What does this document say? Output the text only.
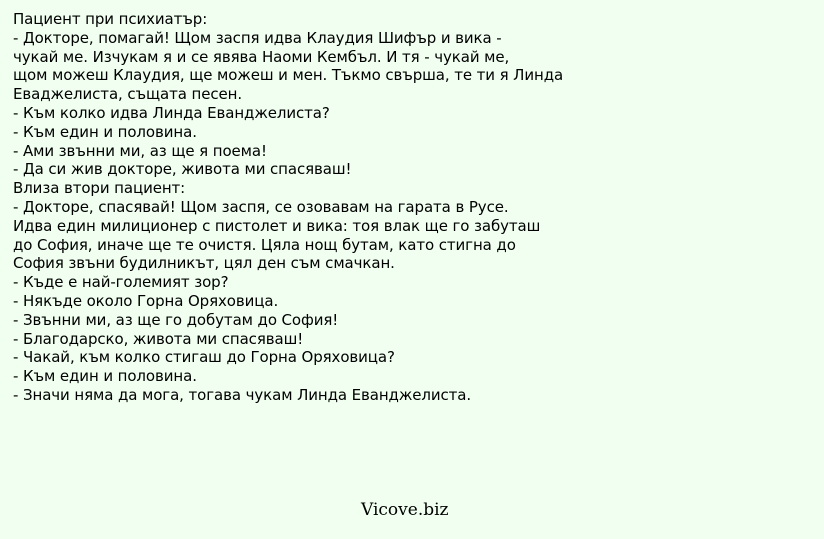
Пациент при психиатър:
- Докторе, помагай! Щом заспя идва Клаудия Шифър и вика -
чукай ме. Изчукам я и се явява Наоми Кембъл. И тя - чукай ме,
щом можеш Клаудия, ще можеш и мен. Тъкмо свърша, те ти я Линда
Еваджелиста, същата песен.
- Към колко идва Линда Еванджелиста?
- Към един и половина.
- Ами звънни ми, аз ще я поема!
- Да си жив докторе, живота ми спасяваш!
Влиза втори пациент:
- Докторе, спасявай! Щом заспя, се озовавам на гарата в Русе.
Идва един милиционер с пистолет и вика: тоя влак ще го забуташ
до София, иначе ще те очистя. Цяла нощ бутам, като стигна до
София звъни будилникът, цял ден съм смачкан.
- Къде е най-големият зор?
- Някъде около Горна Оряховица.
- Звънни ми, аз ще го добутам до София!
- Благодарско, живота ми спасяваш!
- Чакай, към колко стигаш до Горна Оряховица?
- Към един и половина.
- Значи няма да мога, тогава чукам Линда Еванджелиста.
Vicove.biz
